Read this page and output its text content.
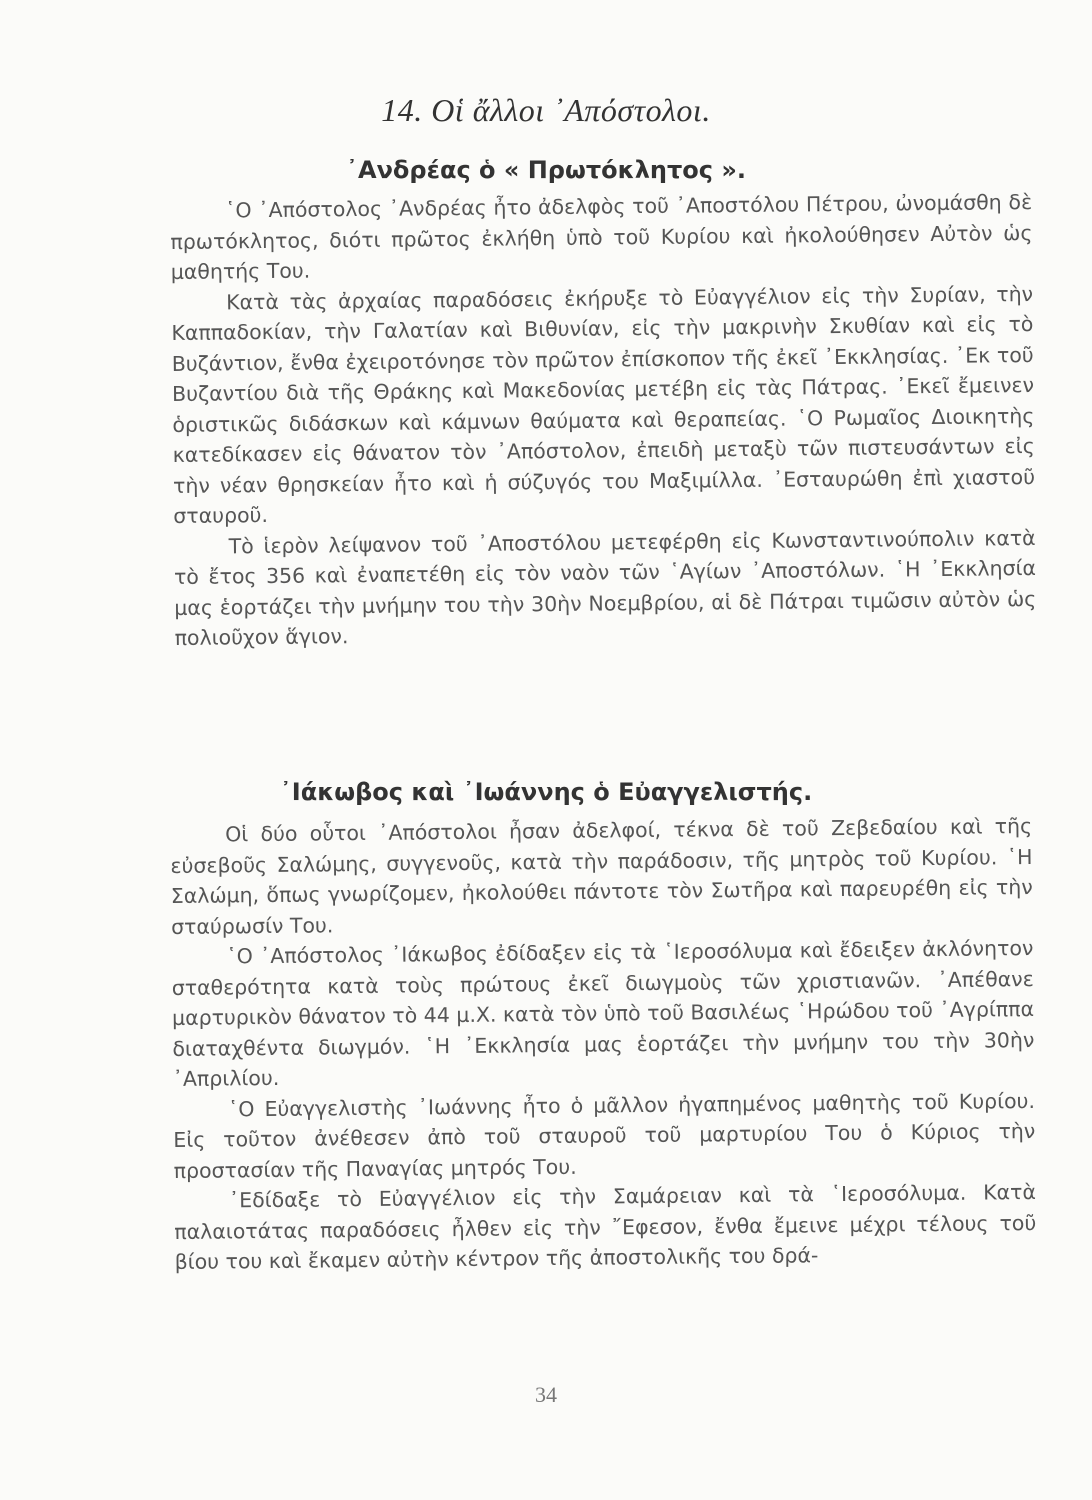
14. Οἱ ἄλλοι ᾿Απόστολοι.
᾿Ανδρέας ὁ « Πρωτόκλητος ».

῾Ο ᾿Απόστολος ᾿Ανδρέας ἦτο ἀδελφὸς τοῦ ᾿Αποστόλου Πέτρου, ὠνομάσθη δὲ πρωτόκλητος, διότι πρῶτος ἐκλήθη ὑπὸ τοῦ Κυρίου καὶ ἠκολούθησεν Αὐτὸν ὡς μαθητής Του.

Κατὰ τὰς ἀρχαίας παραδόσεις ἐκήρυξε τὸ Εὐαγγέλιον εἰς τὴν Συρίαν, τὴν Καππαδοκίαν, τὴν Γαλατίαν καὶ Βιθυνίαν, εἰς τὴν μακρινὴν Σκυθίαν καὶ εἰς τὸ Βυζάντιον, ἔνθα ἐχειροτόνησε τὸν πρῶτον ἐπίσκοπον τῆς ἐκεῖ ᾿Εκκλησίας. ᾿Εκ τοῦ Βυζαντίου διὰ τῆς Θράκης καὶ Μακεδονίας μετέβη εἰς τὰς Πάτρας. ᾿Εκεῖ ἔμεινεν ὁριστικῶς διδάσκων καὶ κάμνων θαύματα καὶ θεραπείας. ῾Ο Ρωμαῖος Διοικητὴς κατεδίκασεν εἰς θάνατον τὸν ᾿Απόστολον, ἐπειδὴ μεταξὺ τῶν πιστευσάντων εἰς τὴν νέαν θρησκείαν ἦτο καὶ ἡ σύζυγός του Μαξιμίλλα. ᾿Εσταυρώθη ἐπὶ χιαστοῦ σταυροῦ.

Τὸ ἱερὸν λείψανον τοῦ ᾿Αποστόλου μετεφέρθη εἰς Κωνσταντινούπολιν κατὰ τὸ ἔτος 356 καὶ ἐναπετέθη εἰς τὸν ναὸν τῶν ῾Αγίων ᾿Αποστόλων. ῾Η ᾿Εκκλησία μας ἑορτάζει τὴν μνήμην του τὴν 30ὴν Νοεμβρίου, αἱ δὲ Πάτραι τιμῶσιν αὐτὸν ὡς πολιοῦχον ἅγιον.

᾿Ιάκωβος καὶ ᾿Ιωάννης ὁ Εὐαγγελιστής.

Οἱ δύο οὗτοι ᾿Απόστολοι ἦσαν ἀδελφοί, τέκνα δὲ τοῦ Ζεβεδαίου καὶ τῆς εὐσεβοῦς Σαλώμης, συγγενοῦς, κατὰ τὴν παράδοσιν, τῆς μητρὸς τοῦ Κυρίου. ῾Η Σαλώμη, ὅπως γνωρίζομεν, ἠκολούθει πάντοτε τὸν Σωτῆρα καὶ παρευρέθη εἰς τὴν σταύρωσίν Του.

῾Ο ᾿Απόστολος ᾿Ιάκωβος ἐδίδαξεν εἰς τὰ ῾Ιεροσόλυμα καὶ ἔδειξεν ἀκλόνητον σταθερότητα κατὰ τοὺς πρώτους ἐκεῖ διωγμοὺς τῶν χριστιανῶν. ᾿Απέθανε μαρτυρικὸν θάνατον τὸ 44 μ.Χ. κατὰ τὸν ὑπὸ τοῦ Βασιλέως ῾Ηρώδου τοῦ ᾿Αγρίππα διαταχθέντα διωγμόν. ῾Η ᾿Εκκλησία μας ἑορτάζει τὴν μνήμην του τὴν 30ὴν ᾿Απριλίου.

῾Ο Εὐαγγελιστὴς ᾿Ιωάννης ἦτο ὁ μᾶλλον ἠγαπημένος μαθητὴς τοῦ Κυρίου. Εἰς τοῦτον ἀνέθεσεν ἀπὸ τοῦ σταυροῦ τοῦ μαρτυρίου Του ὁ Κύριος τὴν προστασίαν τῆς Παναγίας μητρός Του.

᾿Εδίδαξε τὸ Εὐαγγέλιον εἰς τὴν Σαμάρειαν καὶ τὰ ῾Ιεροσόλυμα. Κατὰ παλαιοτάτας παραδόσεις ἦλθεν εἰς τὴν ῎Εφεσον, ἔνθα ἔμεινε μέχρι τέλους τοῦ βίου του καὶ ἔκαμεν αὐτὴν κέντρον τῆς ἀποστολικῆς του δρά-

34
